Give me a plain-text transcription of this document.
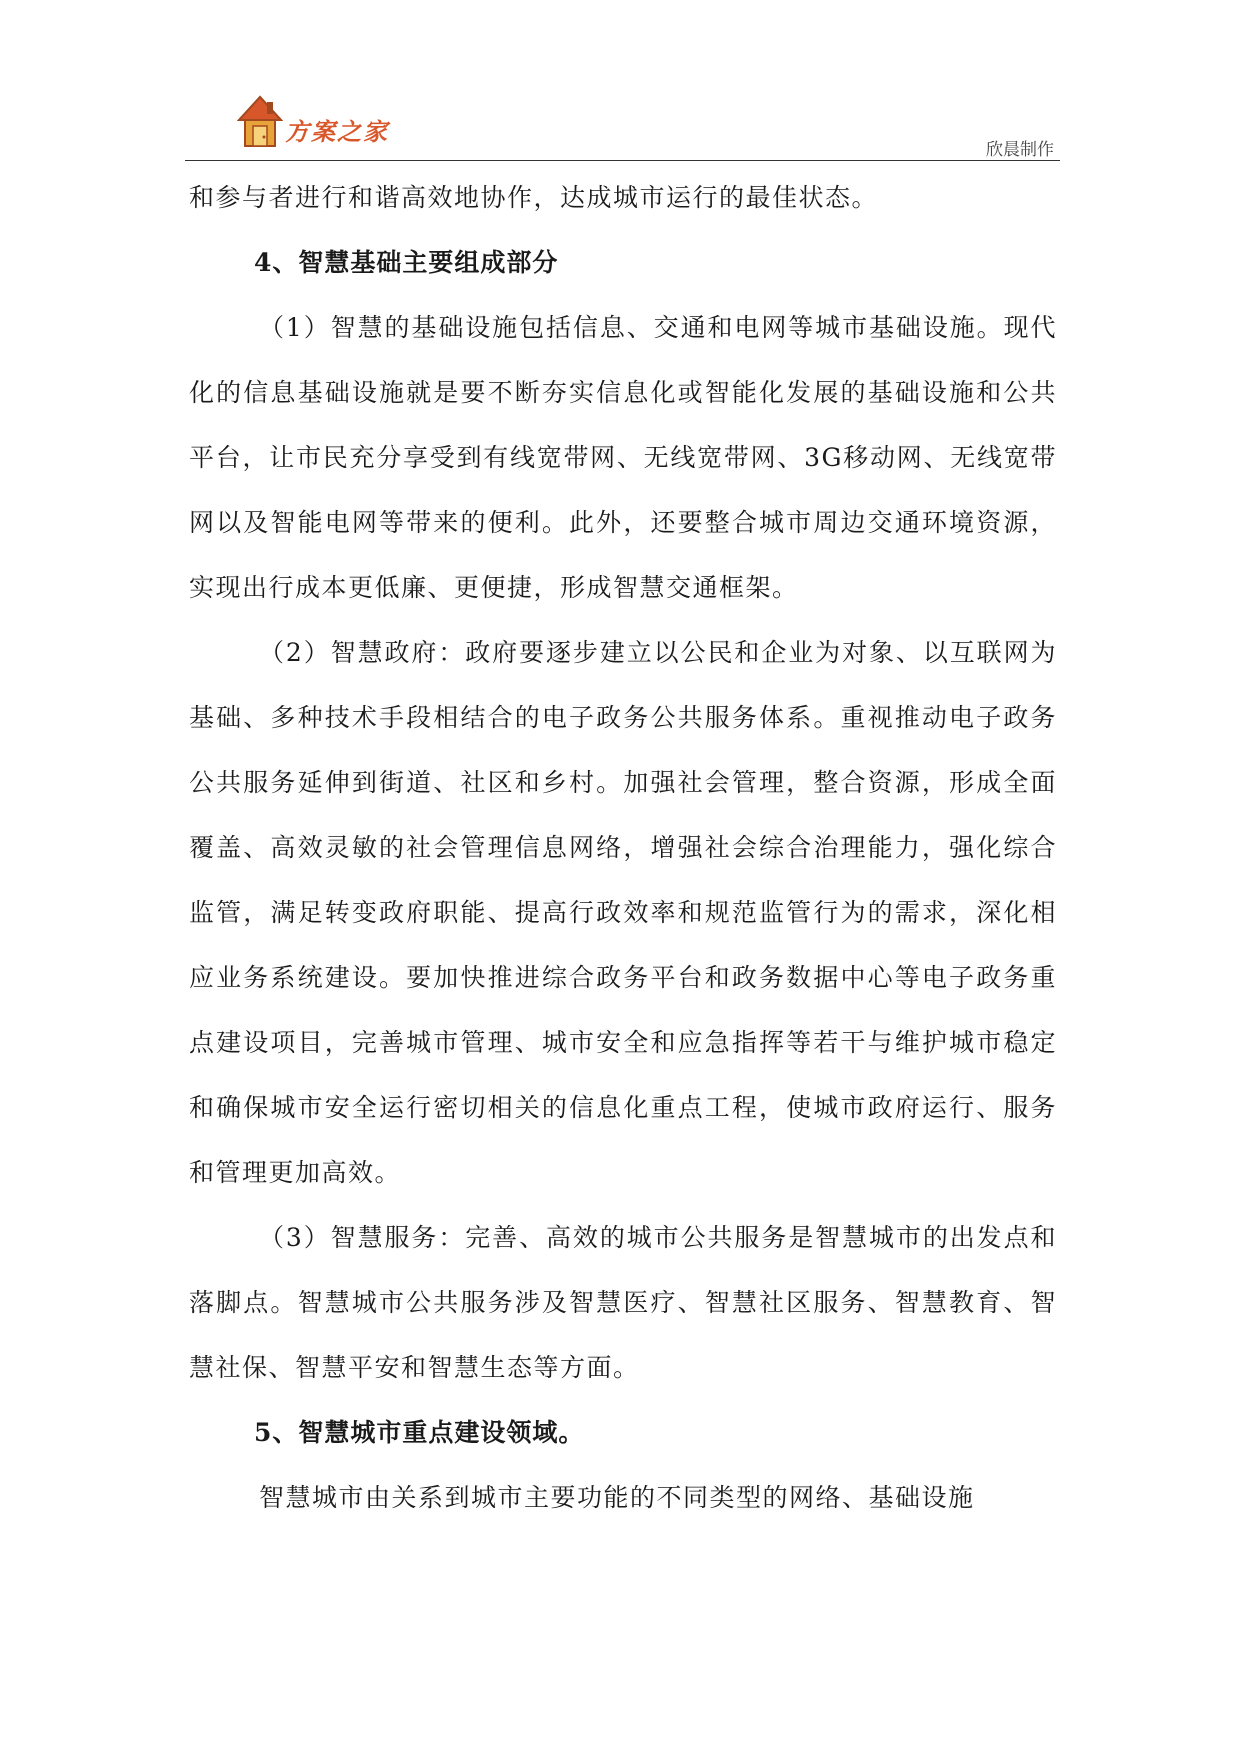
方案之家
欣晨制作

和参与者进行和谐高效地协作，达成城市运行的最佳状态。

4、智慧基础主要组成部分

（1）智慧的基础设施包括信息、交通和电网等城市基础设施。现代化的信息基础设施就是要不断夯实信息化或智能化发展的基础设施和公共平台，让市民充分享受到有线宽带网、无线宽带网、3G移动网、无线宽带网以及智能电网等带来的便利。此外，还要整合城市周边交通环境资源，实现出行成本更低廉、更便捷，形成智慧交通框架。

（2）智慧政府：政府要逐步建立以公民和企业为对象、以互联网为基础、多种技术手段相结合的电子政务公共服务体系。重视推动电子政务公共服务延伸到街道、社区和乡村。加强社会管理，整合资源，形成全面覆盖、高效灵敏的社会管理信息网络，增强社会综合治理能力，强化综合监管，满足转变政府职能、提高行政效率和规范监管行为的需求，深化相应业务系统建设。要加快推进综合政务平台和政务数据中心等电子政务重点建设项目，完善城市管理、城市安全和应急指挥等若干与维护城市稳定和确保城市安全运行密切相关的信息化重点工程，使城市政府运行、服务和管理更加高效。

（3）智慧服务：完善、高效的城市公共服务是智慧城市的出发点和落脚点。智慧城市公共服务涉及智慧医疗、智慧社区服务、智慧教育、智慧社保、智慧平安和智慧生态等方面。

5、智慧城市重点建设领域。

智慧城市由关系到城市主要功能的不同类型的网络、基础设施
